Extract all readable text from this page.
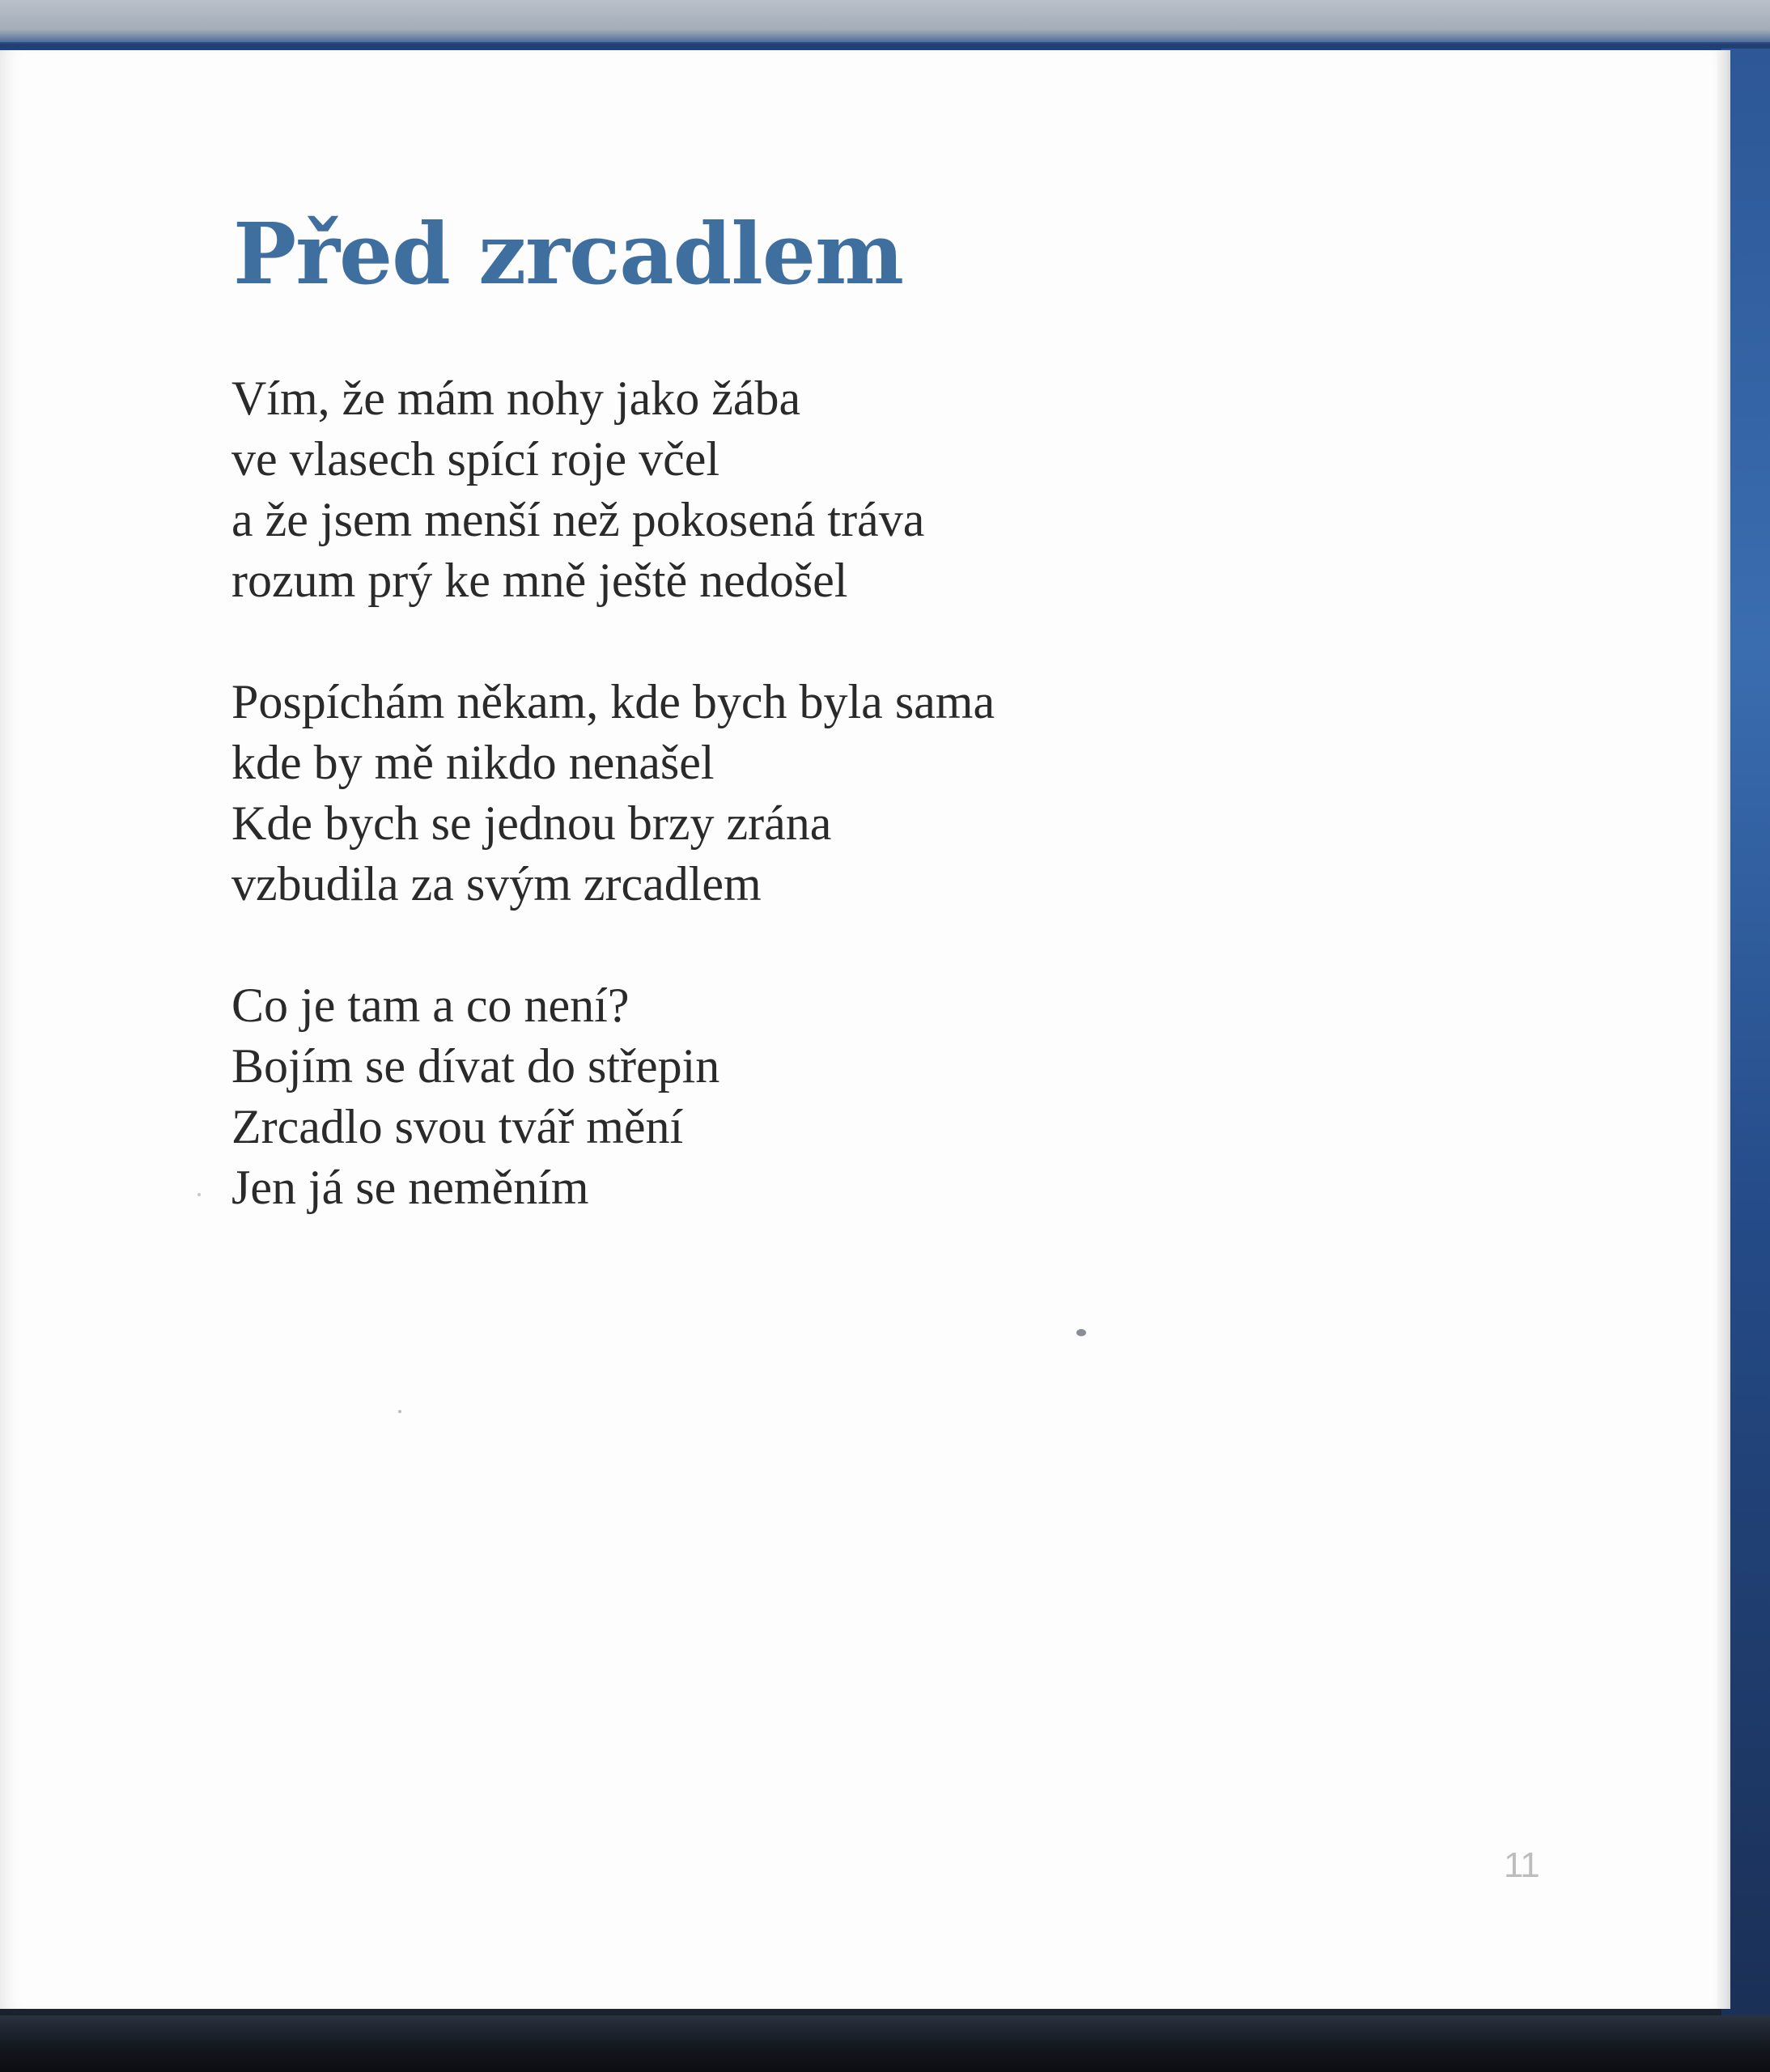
Před zrcadlem

Vím, že mám nohy jako žába
ve vlasech spící roje včel
a že jsem menší než pokosená tráva
rozum prý ke mně ještě nedošel

Pospíchám někam, kde bych byla sama
kde by mě nikdo nenašel
Kde bych se jednou brzy zrána
vzbudila za svým zrcadlem

Co je tam a co není?
Bojím se dívat do střepin
Zrcadlo svou tvář mění
Jen já se neměním

11
